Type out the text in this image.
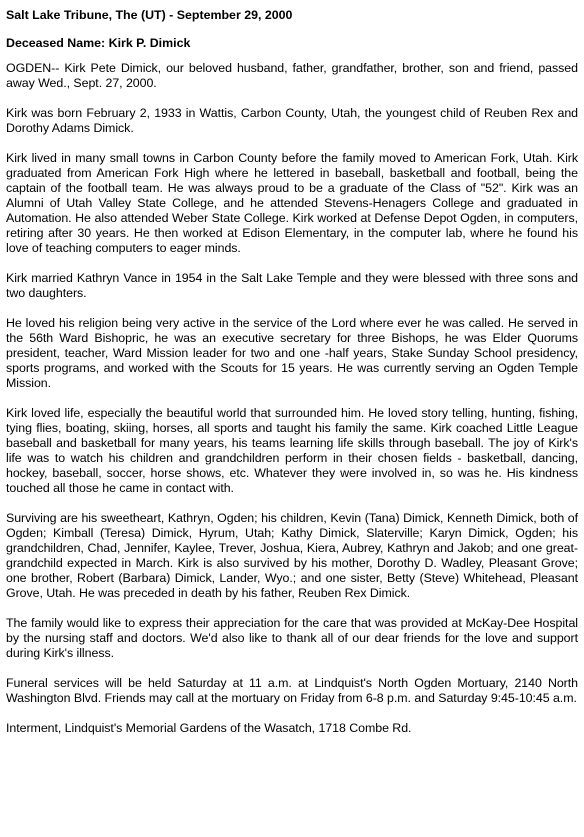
Salt Lake Tribune, The (UT) - September 29, 2000
Deceased Name: Kirk P. Dimick

OGDEN-- Kirk Pete Dimick, our beloved husband, father, grandfather, brother, son and friend, passed away Wed., Sept. 27, 2000.

Kirk was born February 2, 1933 in Wattis, Carbon County, Utah, the youngest child of Reuben Rex and Dorothy Adams Dimick.

Kirk lived in many small towns in Carbon County before the family moved to American Fork, Utah. Kirk graduated from American Fork High where he lettered in baseball, basketball and football, being the captain of the football team. He was always proud to be a graduate of the Class of "52". Kirk was an Alumni of Utah Valley State College, and he attended Stevens-Henagers College and graduated in Automation. He also attended Weber State College. Kirk worked at Defense Depot Ogden, in computers, retiring after 30 years. He then worked at Edison Elementary, in the computer lab, where he found his love of teaching computers to eager minds.

Kirk married Kathryn Vance in 1954 in the Salt Lake Temple and they were blessed with three sons and two daughters.

He loved his religion being very active in the service of the Lord where ever he was called. He served in the 56th Ward Bishopric, he was an executive secretary for three Bishops, he was Elder Quorums president, teacher, Ward Mission leader for two and one -half years, Stake Sunday School presidency, sports programs, and worked with the Scouts for 15 years. He was currently serving an Ogden Temple Mission.

Kirk loved life, especially the beautiful world that surrounded him. He loved story telling, hunting, fishing, tying flies, boating, skiing, horses, all sports and taught his family the same. Kirk coached Little League baseball and basketball for many years, his teams learning life skills through baseball. The joy of Kirk's life was to watch his children and grandchildren perform in their chosen fields - basketball, dancing, hockey, baseball, soccer, horse shows, etc. Whatever they were involved in, so was he. His kindness touched all those he came in contact with.

Surviving are his sweetheart, Kathryn, Ogden; his children, Kevin (Tana) Dimick, Kenneth Dimick, both of Ogden; Kimball (Teresa) Dimick, Hyrum, Utah; Kathy Dimick, Slaterville; Karyn Dimick, Ogden; his grandchildren, Chad, Jennifer, Kaylee, Trever, Joshua, Kiera, Aubrey, Kathryn and Jakob; and one great-grandchild expected in March. Kirk is also survived by his mother, Dorothy D. Wadley, Pleasant Grove; one brother, Robert (Barbara) Dimick, Lander, Wyo.; and one sister, Betty (Steve) Whitehead, Pleasant Grove, Utah. He was preceded in death by his father, Reuben Rex Dimick.

The family would like to express their appreciation for the care that was provided at McKay-Dee Hospital by the nursing staff and doctors. We'd also like to thank all of our dear friends for the love and support during Kirk's illness.

Funeral services will be held Saturday at 11 a.m. at Lindquist's North Ogden Mortuary, 2140 North Washington Blvd. Friends may call at the mortuary on Friday from 6-8 p.m. and Saturday 9:45-10:45 a.m.

Interment, Lindquist's Memorial Gardens of the Wasatch, 1718 Combe Rd.
